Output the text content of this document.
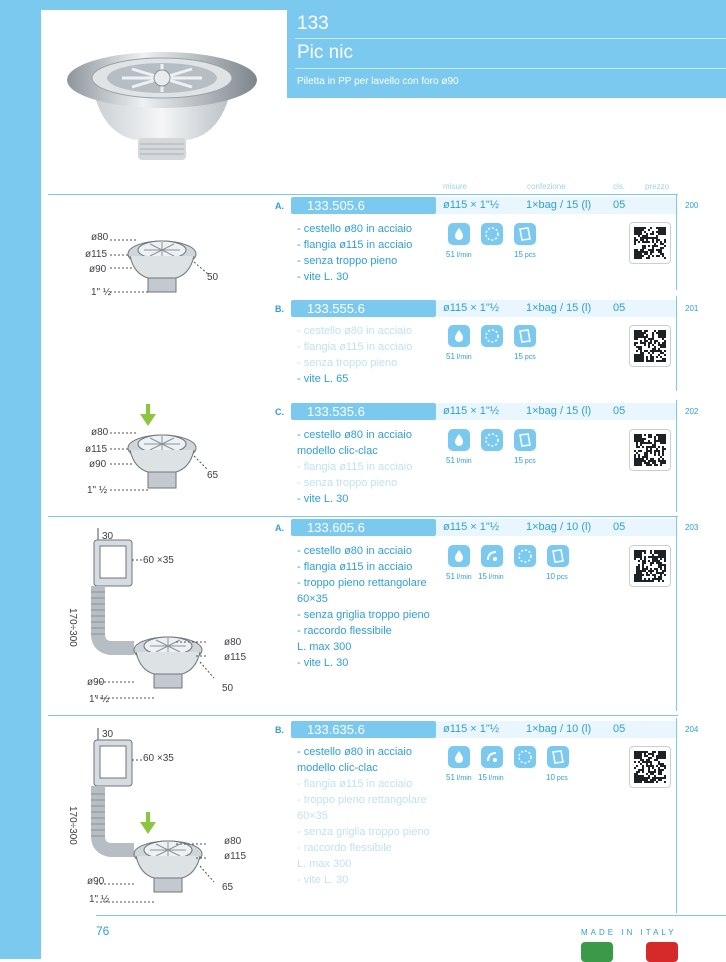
133
Pic nic
Piletta in PP per lavello con foro ø90
misure	confezione	cls.	prezzo
A. 133.505.6	ø115 × 1"½ 1×bag / 15 (l) 05	200
- cestello ø80 in acciaio
- flangia ø115 in acciaio
- senza troppo pieno
- vite L. 30
51 l/min	15 pcs
B. 133.555.6	ø115 × 1"½ 1×bag / 15 (l) 05	201
- cestello ø80 in acciaio
- flangia ø115 in acciaio
- senza troppo pieno
- vite L. 65
51 l/min	15 pcs
C. 133.535.6	ø115 × 1"½ 1×bag / 15 (l) 05	202
- cestello ø80 in acciaio
modello clic-clac
- flangia ø115 in acciaio
- senza troppo pieno
- vite L. 30
51 l/min	15 pcs
A. 133.605.6	ø115 × 1"½ 1×bag / 10 (l) 05	203
- cestello ø80 in acciaio
- flangia ø115 in acciaio
- troppo pieno rettangolare
60×35
- senza griglia troppo pieno
- raccordo flessibile
L. max 300
- vite L. 30
51 l/min 15 l/min	10 pcs
B. 133.635.6	ø115 × 1"½ 1×bag / 10 (l) 05	204
- cestello ø80 in acciaio
modello clic-clac
- flangia ø115 in acciaio
- troppo pieno rettangolare
60×35
- senza griglia troppo pieno
- raccordo flessibile
L. max 300
- vite L. 30
51 l/min 15 l/min	10 pcs
ø80
ø115
ø90
1" ½
50
ø80
ø115
ø90
1" ½
65
30
60 ×35
170÷300	ø80
ø115
ø90
1" ½
50
30
60 ×35
170÷300	ø80
ø115
ø90
1" ½
65
76	MADE IN ITALY
